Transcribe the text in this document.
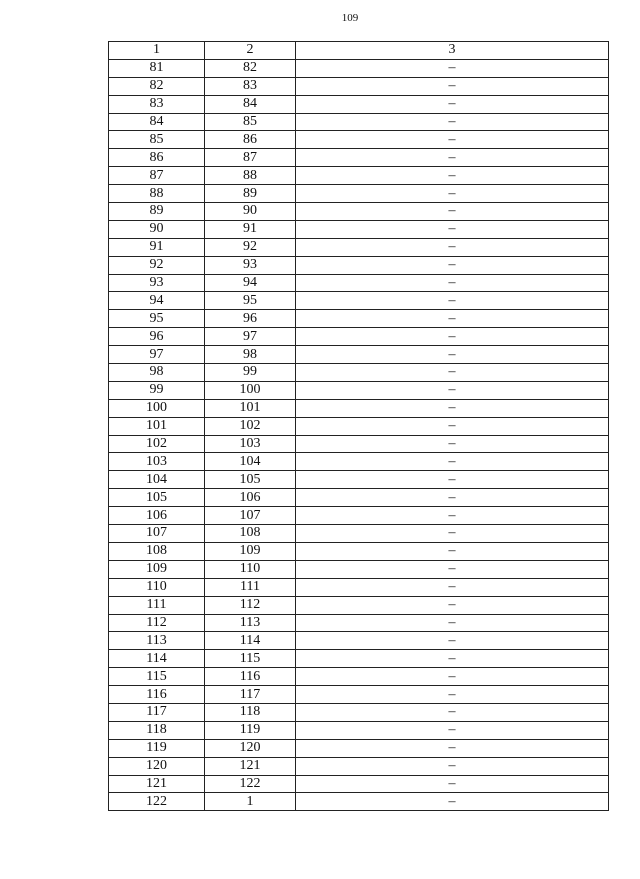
109
1	2	3
81	82	–
82	83	–
83	84	–
84	85	–
85	86	–
86	87	–
87	88	–
88	89	–
89	90	–
90	91	–
91	92	–
92	93	–
93	94	–
94	95	–
95	96	–
96	97	–
97	98	–
98	99	–
99	100	–
100	101	–
101	102	–
102	103	–
103	104	–
104	105	–
105	106	–
106	107	–
107	108	–
108	109	–
109	110	–
110	111	–
111	112	–
112	113	–
113	114	–
114	115	–
115	116	–
116	117	–
117	118	–
118	119	–
119	120	–
120	121	–
121	122	–
122	1	–
